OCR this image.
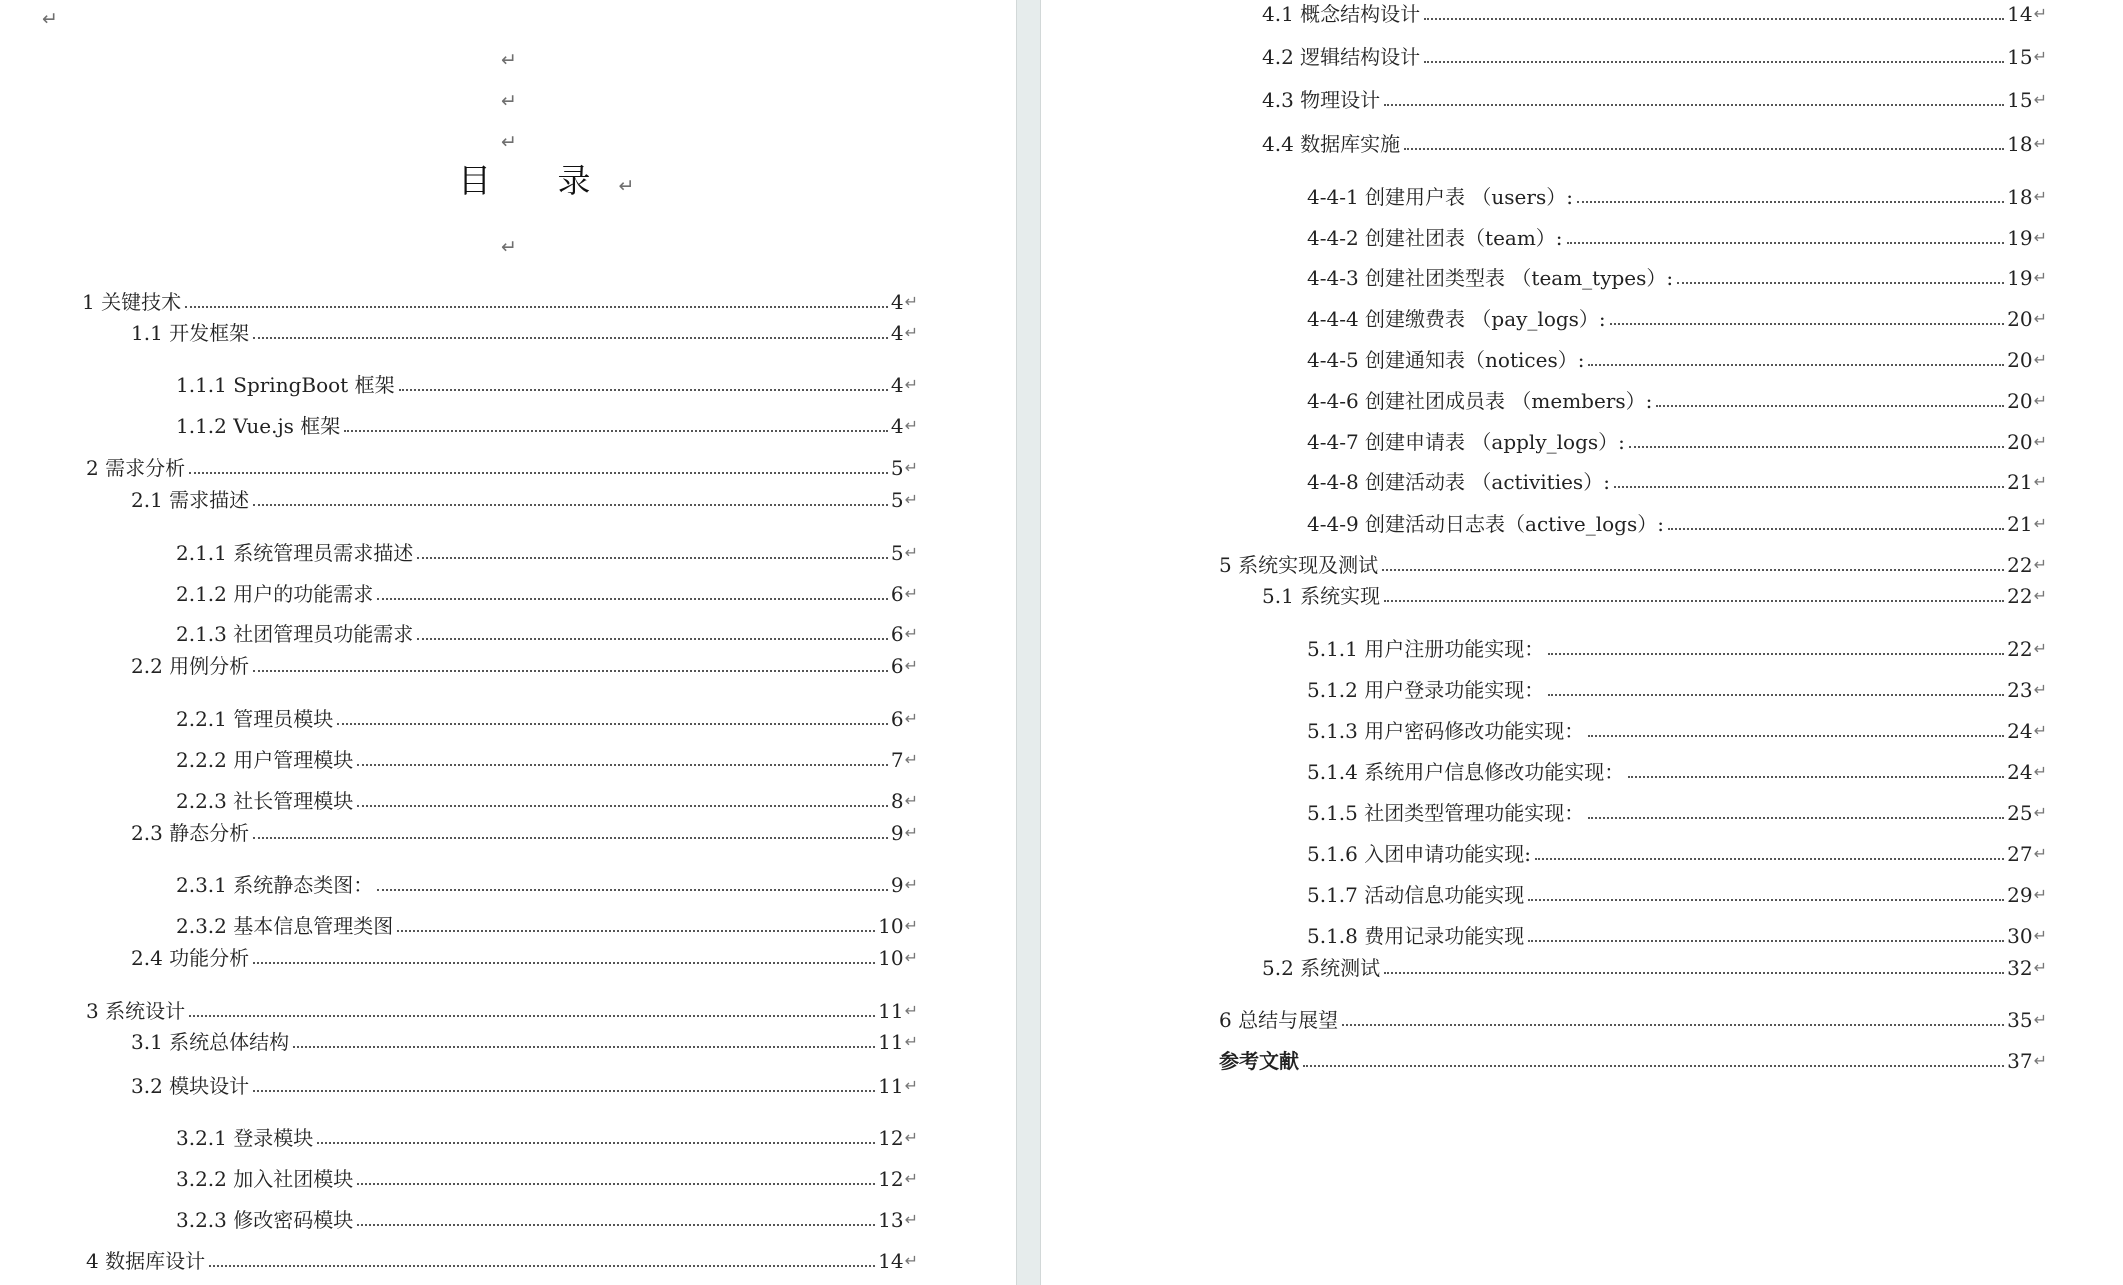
↵
↵
↵
↵
目 录↵
↵
1 关键技术	4 ↵
1.1 开发框架	4 ↵
1.1.1 SpringBoot 框架	4 ↵
1.1.2 Vue.js 框架	4 ↵
2 需求分析	5 ↵
2.1 需求描述	5 ↵
2.1.1 系统管理员需求描述	5 ↵
2.1.2 用户的功能需求	6 ↵
2.1.3 社团管理员功能需求	6 ↵
2.2 用例分析	6 ↵
2.2.1 管理员模块	6 ↵
2.2.2 用户管理模块	7 ↵
2.2.3 社长管理模块	8 ↵
2.3 静态分析	9 ↵
2.3.1 系统静态类图：	9 ↵
2.3.2 基本信息管理类图	10 ↵
2.4 功能分析	10 ↵
3 系统设计	11 ↵
3.1 系统总体结构	11 ↵
3.2 模块设计	11 ↵
3.2.1 登录模块	12 ↵
3.2.2 加入社团模块	12 ↵
3.2.3 修改密码模块	13 ↵
4 数据库设计	14 ↵
4.1 概念结构设计	14 ↵
4.2 逻辑结构设计	15 ↵
4.3 物理设计	15 ↵
4.4 数据库实施	18 ↵
4-4-1 创建用户表 （users）:	18 ↵
4-4-2 创建社团表（team）:	19 ↵
4-4-3 创建社团类型表 （team_types）:	19 ↵
4-4-4 创建缴费表 （pay_logs）:	20 ↵
4-4-5 创建通知表（notices）:	20 ↵
4-4-6 创建社团成员表 （members）:	20 ↵
4-4-7 创建申请表 （apply_logs）:	20 ↵
4-4-8 创建活动表 （activities）:	21 ↵
4-4-9 创建活动日志表（active_logs）:	21 ↵
5 系统实现及测试	22 ↵
5.1 系统实现	22 ↵
5.1.1 用户注册功能实现：	22 ↵
5.1.2 用户登录功能实现：	23 ↵
5.1.3 用户密码修改功能实现：	24 ↵
5.1.4 系统用户信息修改功能实现：	24 ↵
5.1.5 社团类型管理功能实现：	25 ↵
5.1.6 入团申请功能实现:	27 ↵
5.1.7 活动信息功能实现	29 ↵
5.1.8 费用记录功能实现	30 ↵
5.2 系统测试	32 ↵
6 总结与展望	35 ↵
参考文献	37 ↵
